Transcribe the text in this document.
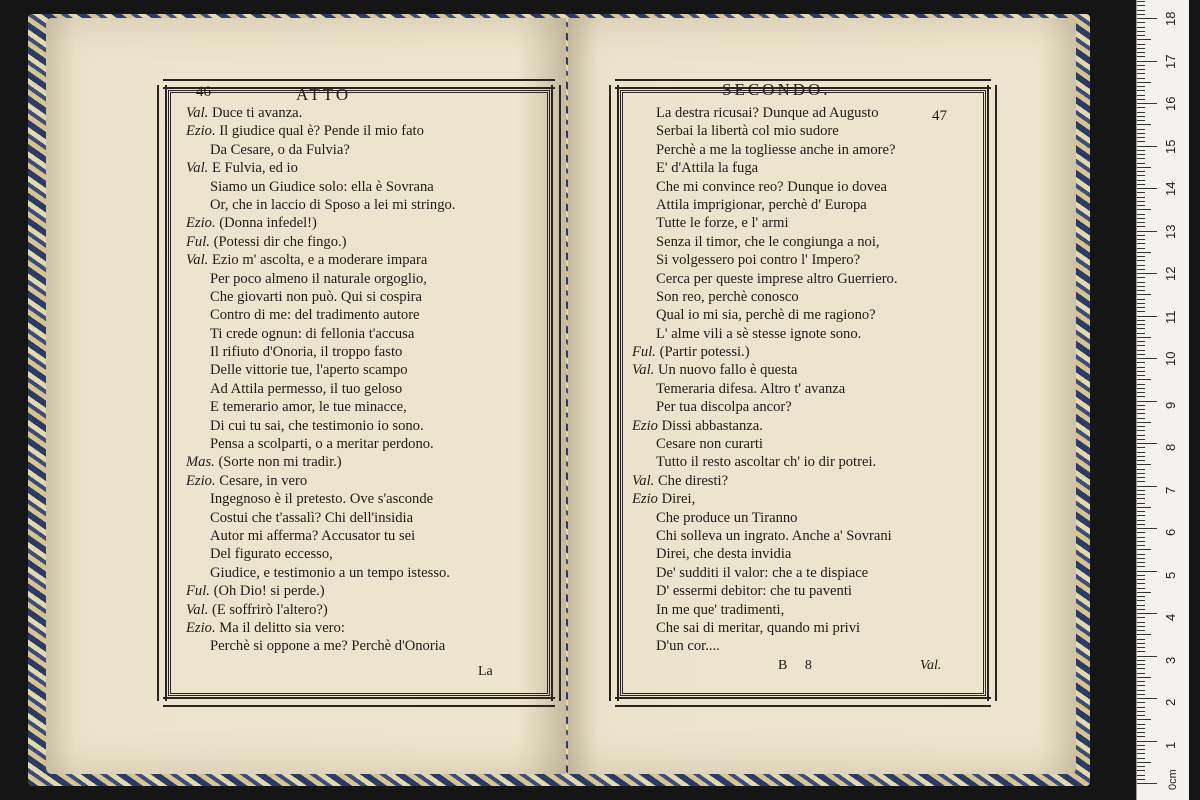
46	ATTO
Val. Duce ti avanza.
Ezio. Il giudice qual è? Pende il mio fato
Da Cesare, o da Fulvia?
Val. E Fulvia, ed io
Siamo un Giudice solo: ella è Sovrana
Or, che in laccio di Sposo a lei mi stringo.
Ezio. (Donna infedel!)
Ful. (Potessi dir che fingo.)
Val. Ezio m' ascolta, e a moderare impara
Per poco almeno il naturale orgoglio,
Che giovarti non può. Qui si cospira
Contro di me: del tradimento autore
Ti crede ognun: di fellonia t'accusa
Il rifiuto d'Onoria, il troppo fasto
Delle vittorie tue, l'aperto scampo
Ad Attila permesso, il tuo geloso
E temerario amor, le tue minacce,
Di cui tu sai, che testimonio io sono.
Pensa a scolparti, o a meritar perdono.
Mas. (Sorte non mi tradir.)
Ezio. Cesare, in vero
Ingegnoso è il pretesto. Ove s'asconde
Costui che t'assalì? Chi dell'insidia
Autor mi afferma? Accusator tu sei
Del figurato eccesso,
Giudice, e testimonio a un tempo istesso.
Ful. (Oh Dio! si perde.)
Val. (E soffrirò l'altero?)
Ezio. Ma il delitto sia vero:
Perchè si oppone a me? Perchè d'Onoria
La
SECONDO.
47
La destra ricusai? Dunque ad Augusto
Serbai la libertà col mio sudore
Perchè a me la togliesse anche in amore?
E' d'Attila la fuga
Che mi convince reo? Dunque io dovea
Attila imprigionar, perchè d' Europa
Tutte le forze, e l' armi
Senza il timor, che le congiunga a noi,
Si volgessero poi contro l' Impero?
Cerca per queste imprese altro Guerriero.
Son reo, perchè conosco
Qual io mi sia, perchè di me ragiono?
L' alme vili a sè stesse ignote sono.
Ful. (Partir potessi.)
Val. Un nuovo fallo è questa
Temeraria difesa. Altro t' avanza
Per tua discolpa ancor?
Ezio Dissi abbastanza.
Cesare non curarti
Tutto il resto ascoltar ch' io dir potrei.
Val. Che diresti?
Ezio Direi,
Che produce un Tiranno
Chi solleva un ingrato. Anche a' Sovrani
Direi, che desta invidia
De' sudditi il valor: che a te dispiace
D' essermi debitor: che tu paventi
In me que' tradimenti,
Che sai di meritar, quando mi privi
D'un cor....
B 8	Val.
0cm
1
2
3
4
5
6
7
8
9
10
11
12
13
14
15
16
17
18
